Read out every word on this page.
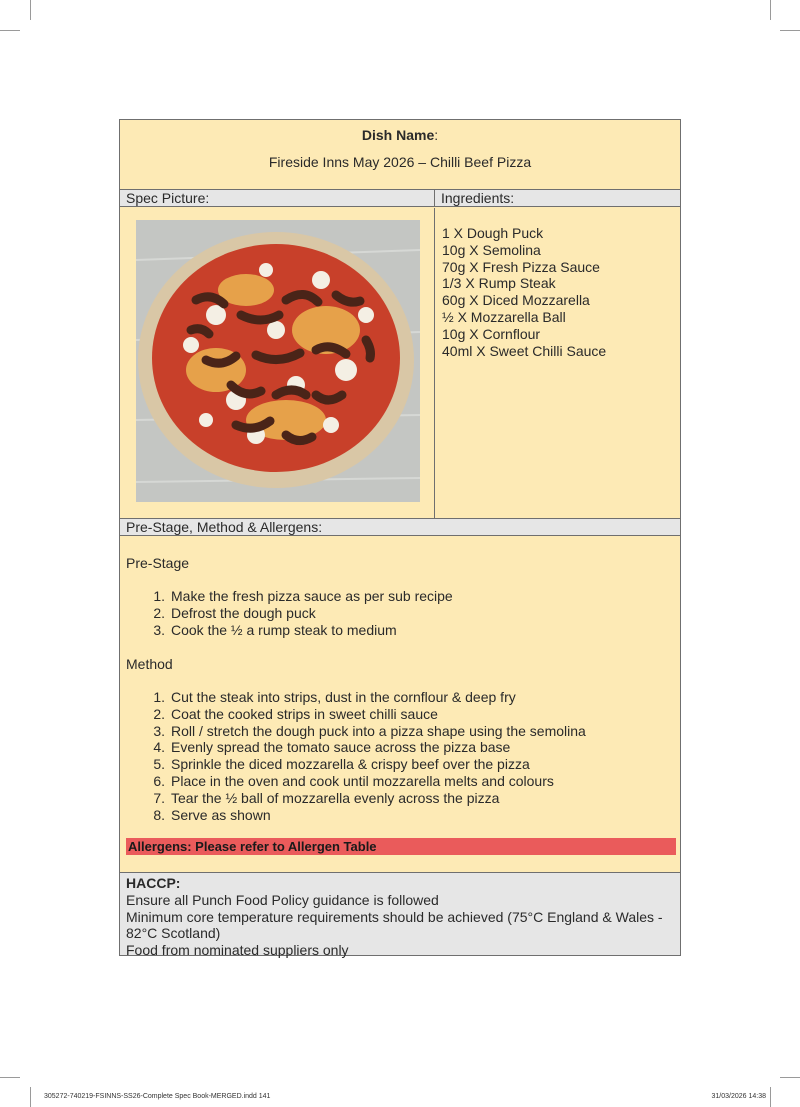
Dish Name:
Fireside Inns May 2026 – Chilli Beef Pizza
Spec Picture:	Ingredients:
1 X Dough Puck
10g X Semolina
70g X Fresh Pizza Sauce
1/3 X Rump Steak
60g X Diced Mozzarella
½ X Mozzarella Ball
10g X Cornflour
40ml X Sweet Chilli Sauce
Pre-Stage, Method & Allergens:
Pre-Stage
1. Make the fresh pizza sauce as per sub recipe
2. Defrost the dough puck
3. Cook the ½ a rump steak to medium
Method
1. Cut the steak into strips, dust in the cornflour & deep fry
2. Coat the cooked strips in sweet chilli sauce
3. Roll / stretch the dough puck into a pizza shape using the semolina
4. Evenly spread the tomato sauce across the pizza base
5. Sprinkle the diced mozzarella & crispy beef over the pizza
6. Place in the oven and cook until mozzarella melts and colours
7. Tear the ½ ball of mozzarella evenly across the pizza
8. Serve as shown
Allergens: Please refer to Allergen Table
HACCP:
Ensure all Punch Food Policy guidance is followed
Minimum core temperature requirements should be achieved (75°C England & Wales - 82°C Scotland)
Food from nominated suppliers only
305272-740219-FSINNS-SS26-Complete Spec Book-MERGED.indd 141	31/03/2026 14:38
